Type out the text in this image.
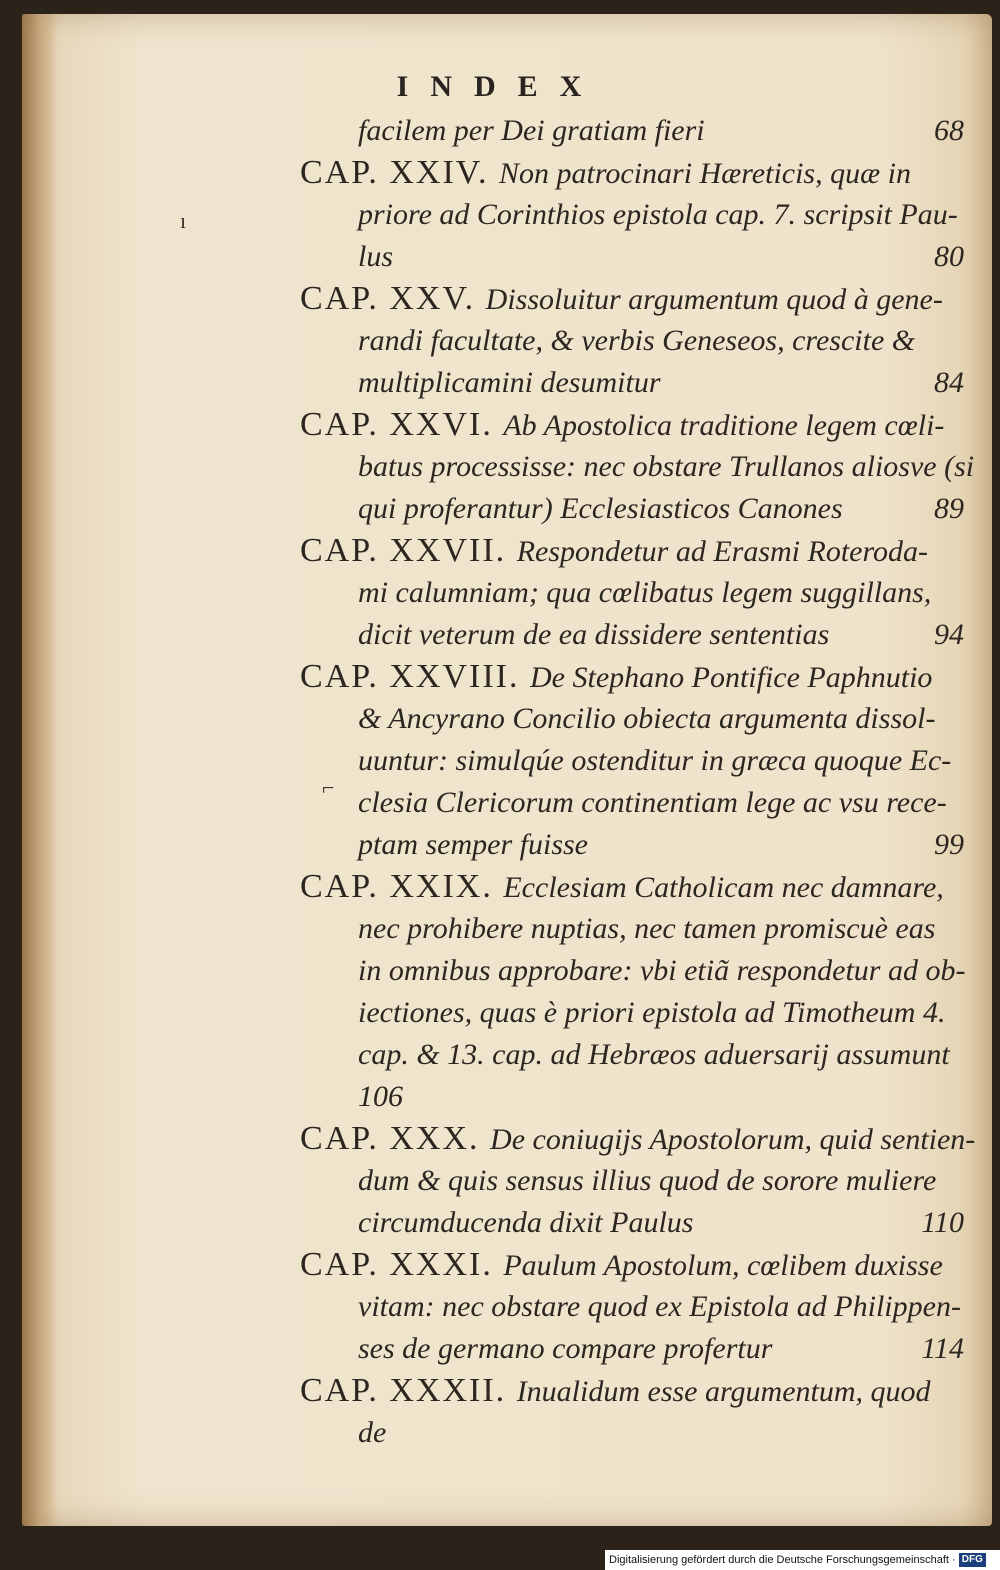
ı
⌐
INDEX
facilem per Dei gratiam fieri	68
CAP. XXIV. Non patrocinari Hæreticis, quæ in
priore ad Corinthios epistola cap. 7. scripsit Pau-
lus	80
CAP. XXV. Dissoluitur argumentum quod à gene-
randi facultate, & verbis Geneseos, crescite &
multiplicamini desumitur	84
CAP. XXVI. Ab Apostolica traditione legem cœli-
batus processisse: nec obstare Trullanos aliosve (si
qui proferantur) Ecclesiasticos Canones	89
CAP. XXVII. Respondetur ad Erasmi Roteroda-
mi calumniam; qua cœlibatus legem suggillans,
dicit veterum de ea dissidere sententias	94
CAP. XXVIII. De Stephano Pontifice Paphnutio
& Ancyrano Concilio obiecta argumenta dissol-
uuntur: simulqúe ostenditur in græca quoque Ec-
clesia Clericorum continentiam lege ac vsu rece-
ptam semper fuisse	99
CAP. XXIX. Ecclesiam Catholicam nec damnare,
nec prohibere nuptias, nec tamen promiscuè eas
in omnibus approbare: vbi etiã respondetur ad ob-
iectiones, quas è priori epistola ad Timotheum 4.
cap. & 13. cap. ad Hebræos aduersarij assumunt
106
CAP. XXX. De coniugijs Apostolorum, quid sentien-
dum & quis sensus illius quod de sorore muliere
circumducenda dixit Paulus	110
CAP. XXXI. Paulum Apostolum, cœlibem duxisse
vitam: nec obstare quod ex Epistola ad Philippen-
ses de germano compare profertur	114
CAP. XXXII. Inualidum esse argumentum, quod
de
Digitalisierung gefördert durch die Deutsche Forschungsgemeinschaft · DFG
